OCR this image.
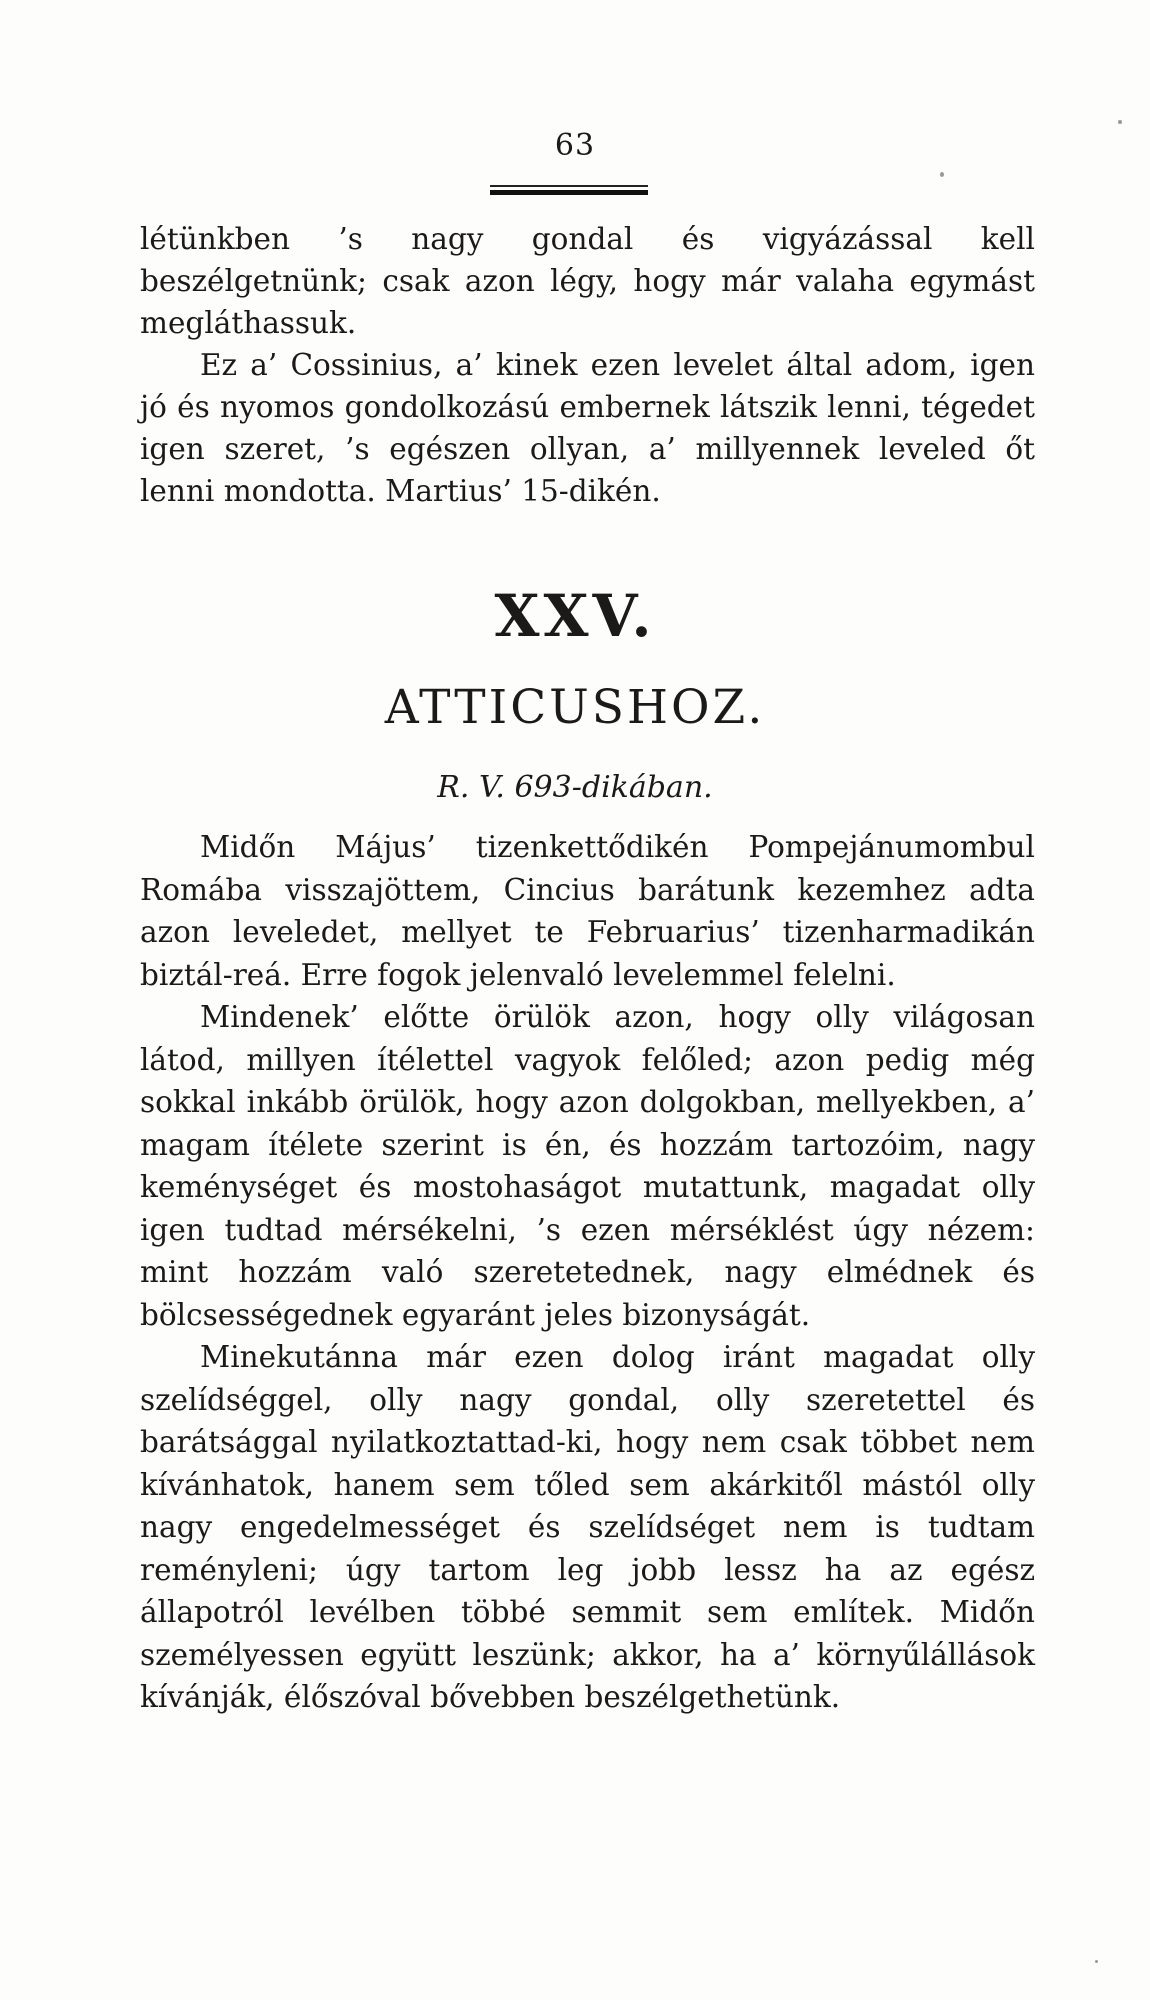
63

létünkben ’s nagy gondal és vigyázással kell beszélgetnünk; csak azon légy, hogy már valaha egymást megláthassuk.

Ez a’ Cossinius, a’ kinek ezen levelet által adom, igen jó és nyomos gondolkozású embernek látszik lenni, tégedet igen szeret, ’s egészen ollyan, a’ millyennek leveled őt lenni mondotta. Martius’ 15-dikén.

XXV.
ATTICUSHOZ.
R. V. 693-dikában.

Midőn Május’ tizenkettődikén Pompejánumombul Romába visszajöttem, Cincius barátunk kezemhez adta azon leveledet, mellyet te Februarius’ tizenharmadikán biztál-reá. Erre fogok jelenvaló levelemmel felelni.

Mindenek’ előtte örülök azon, hogy olly világosan látod, millyen ítélettel vagyok felőled; azon pedig még sokkal inkább örülök, hogy azon dolgokban, mellyekben, a’ magam ítélete szerint is én, és hozzám tartozóim, nagy keménységet és mostohaságot mutattunk, magadat olly igen tudtad mérsékelni, ’s ezen mérséklést úgy nézem: mint hozzám való szeretetednek, nagy elmédnek és bölcsességednek egyaránt jeles bizonyságát.

Minekutánna már ezen dolog iránt magadat olly szelídséggel, olly nagy gondal, olly szeretettel és barátsággal nyilatkoztattad-ki, hogy nem csak többet nem kívánhatok, hanem sem tőled sem akárkitől mástól olly nagy engedelmességet és szelídséget nem is tudtam reményleni; úgy tartom leg jobb lessz ha az egész állapotról levélben többé semmit sem említek. Midőn személyessen együtt leszünk; akkor, ha a’ környűlállások kívánják, élőszóval bővebben beszélgethetünk.
